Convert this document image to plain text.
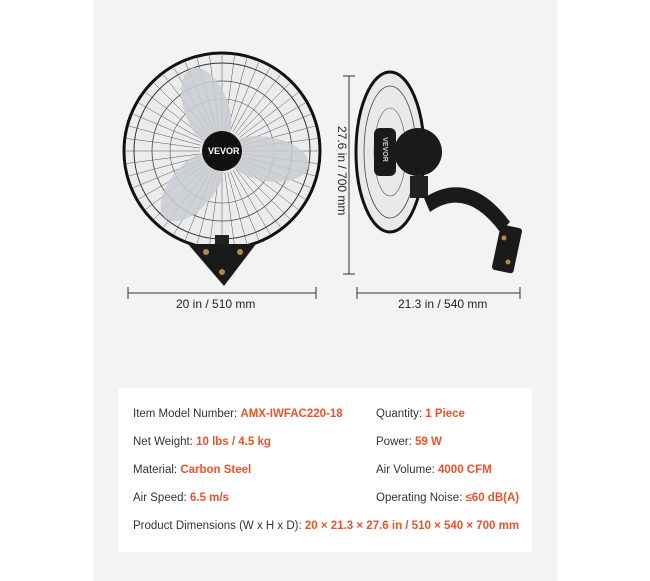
VEVOR	VEVOR
20 in / 510 mm
27.6 in / 700 mm
21.3 in / 540 mm
Item Model Number: AMX-IWFAC220-18	Quantity: 1 Piece
Net Weight: 10 lbs / 4.5 kg	Power: 59 W
Material: Carbon Steel	Air Volume: 4000 CFM
Air Speed: 6.5 m/s	Operating Noise: ≤60 dB(A)
Product Dimensions (W x H x D): 20 × 21.3 × 27.6 in / 510 × 540 × 700 mm
